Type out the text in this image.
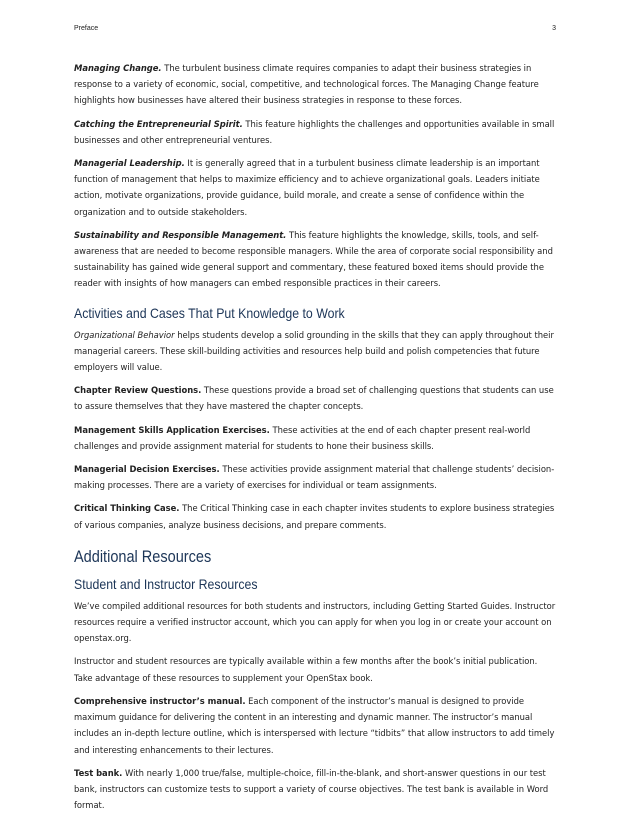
Preface	3

Managing Change. The turbulent business climate requires companies to adapt their business strategies in response to a variety of economic, social, competitive, and technological forces. The Managing Change feature highlights how businesses have altered their business strategies in response to these forces.

Catching the Entrepreneurial Spirit. This feature highlights the challenges and opportunities available in small businesses and other entrepreneurial ventures.

Managerial Leadership. It is generally agreed that in a turbulent business climate leadership is an important function of management that helps to maximize efficiency and to achieve organizational goals. Leaders initiate action, motivate organizations, provide guidance, build morale, and create a sense of confidence within the organization and to outside stakeholders.

Sustainability and Responsible Management. This feature highlights the knowledge, skills, tools, and self-awareness that are needed to become responsible managers. While the area of corporate social responsibility and sustainability has gained wide general support and commentary, these featured boxed items should provide the reader with insights of how managers can embed responsible practices in their careers.

Activities and Cases That Put Knowledge to Work

Organizational Behavior helps students develop a solid grounding in the skills that they can apply throughout their managerial careers. These skill-building activities and resources help build and polish competencies that future employers will value.

Chapter Review Questions. These questions provide a broad set of challenging questions that students can use to assure themselves that they have mastered the chapter concepts.

Management Skills Application Exercises. These activities at the end of each chapter present real-world challenges and provide assignment material for students to hone their business skills.

Managerial Decision Exercises. These activities provide assignment material that challenge students’ decision-making processes. There are a variety of exercises for individual or team assignments.

Critical Thinking Case. The Critical Thinking case in each chapter invites students to explore business strategies of various companies, analyze business decisions, and prepare comments.

Additional Resources
Student and Instructor Resources

We’ve compiled additional resources for both students and instructors, including Getting Started Guides. Instructor resources require a verified instructor account, which you can apply for when you log in or create your account on openstax.org.

Instructor and student resources are typically available within a few months after the book’s initial publication. Take advantage of these resources to supplement your OpenStax book.

Comprehensive instructor’s manual. Each component of the instructor’s manual is designed to provide maximum guidance for delivering the content in an interesting and dynamic manner. The instructor’s manual includes an in-depth lecture outline, which is interspersed with lecture “tidbits” that allow instructors to add timely and interesting enhancements to their lectures.

Test bank. With nearly 1,000 true/false, multiple-choice, fill-in-the-blank, and short-answer questions in our test bank, instructors can customize tests to support a variety of course objectives. The test bank is available in Word format.
